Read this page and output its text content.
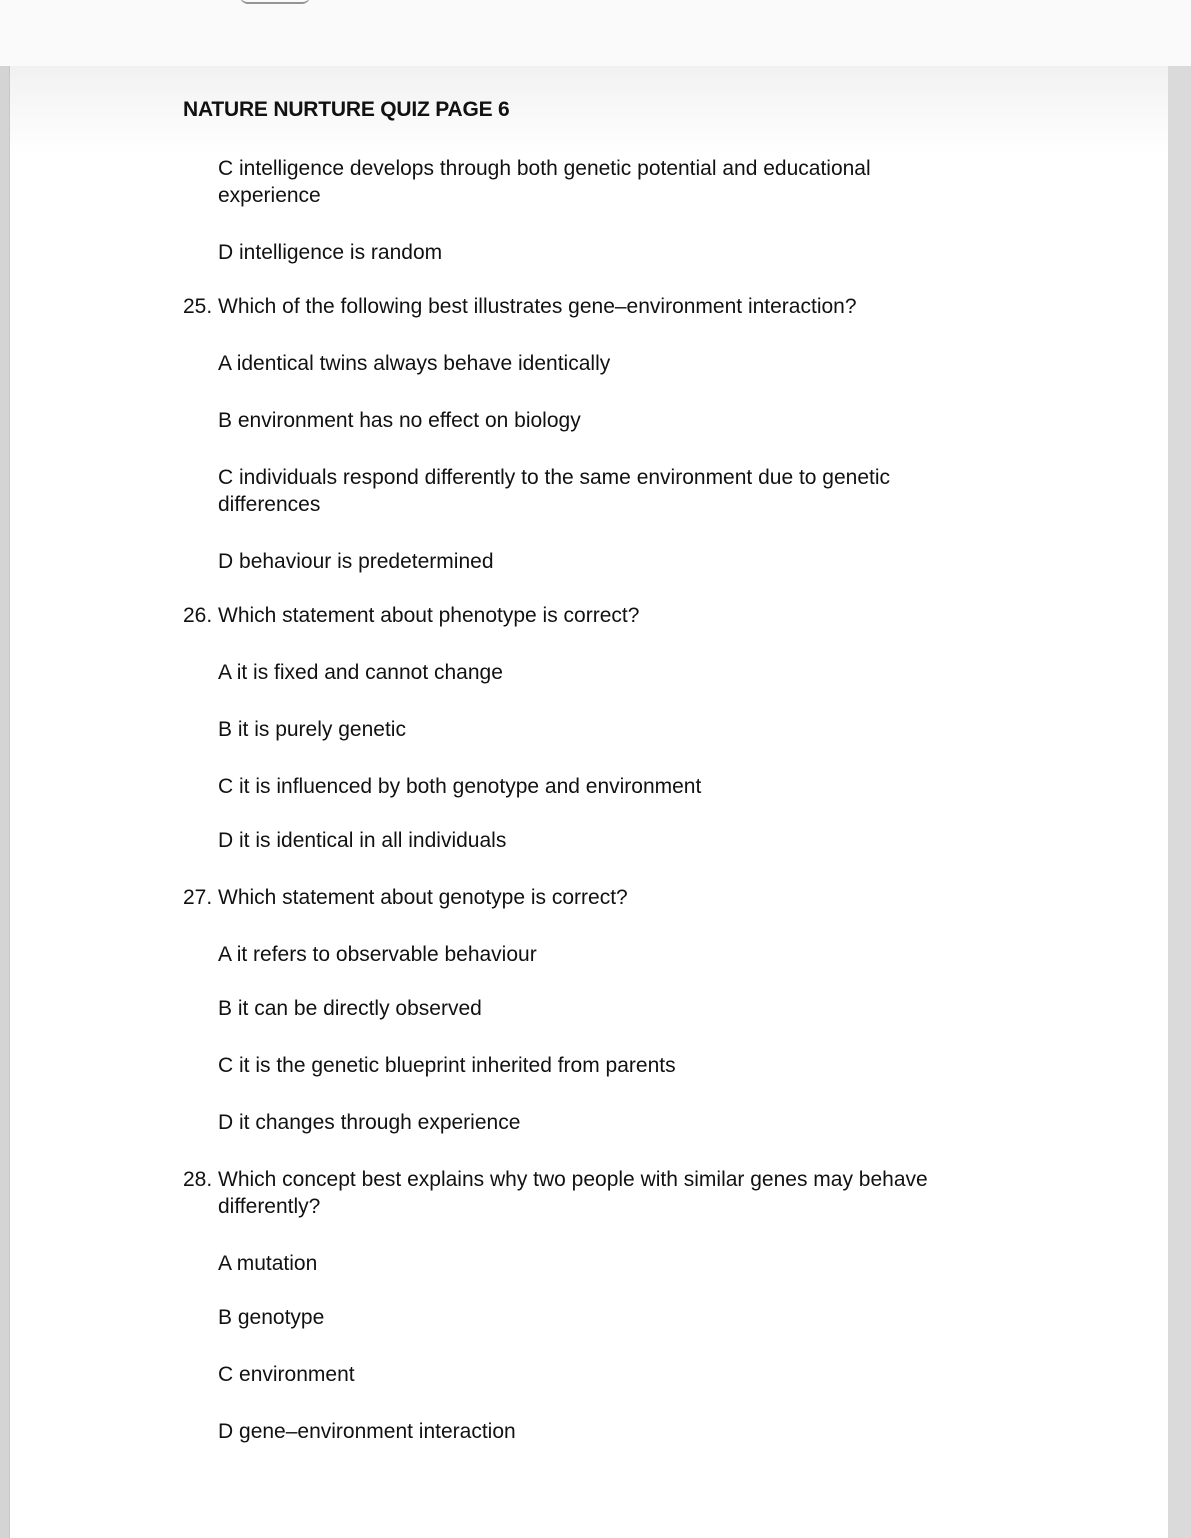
NATURE NURTURE QUIZ PAGE 6

C intelligence develops through both genetic potential and educational

experience

D intelligence is random

25. Which of the following best illustrates gene–environment interaction?

A identical twins always behave identically

B environment has no effect on biology

C individuals respond differently to the same environment due to genetic

differences

D behaviour is predetermined

26. Which statement about phenotype is correct?

A it is fixed and cannot change

B it is purely genetic

C it is influenced by both genotype and environment

D it is identical in all individuals

27. Which statement about genotype is correct?

A it refers to observable behaviour

B it can be directly observed

C it is the genetic blueprint inherited from parents

D it changes through experience

28. Which concept best explains why two people with similar genes may behave

differently?

A mutation

B genotype

C environment

D gene–environment interaction
